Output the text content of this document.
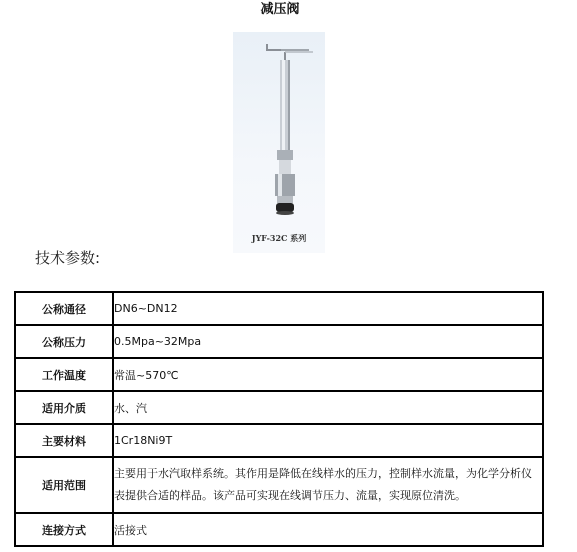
减压阀
JYF-32C 系列
技术参数:
公称通径	DN6~DN12
公称压力	0.5Mpa~32Mpa
工作温度	常温~570℃
适用介质	水、汽
主要材料	1Cr18Ni9T
适用范围	主要用于水汽取样系统。其作用是降低在线样水的压力，控制样水流量，为化学分析仪表提供合适的样品。该产品可实现在线调节压力、流量，实现原位清洗。
连接方式	活接式
